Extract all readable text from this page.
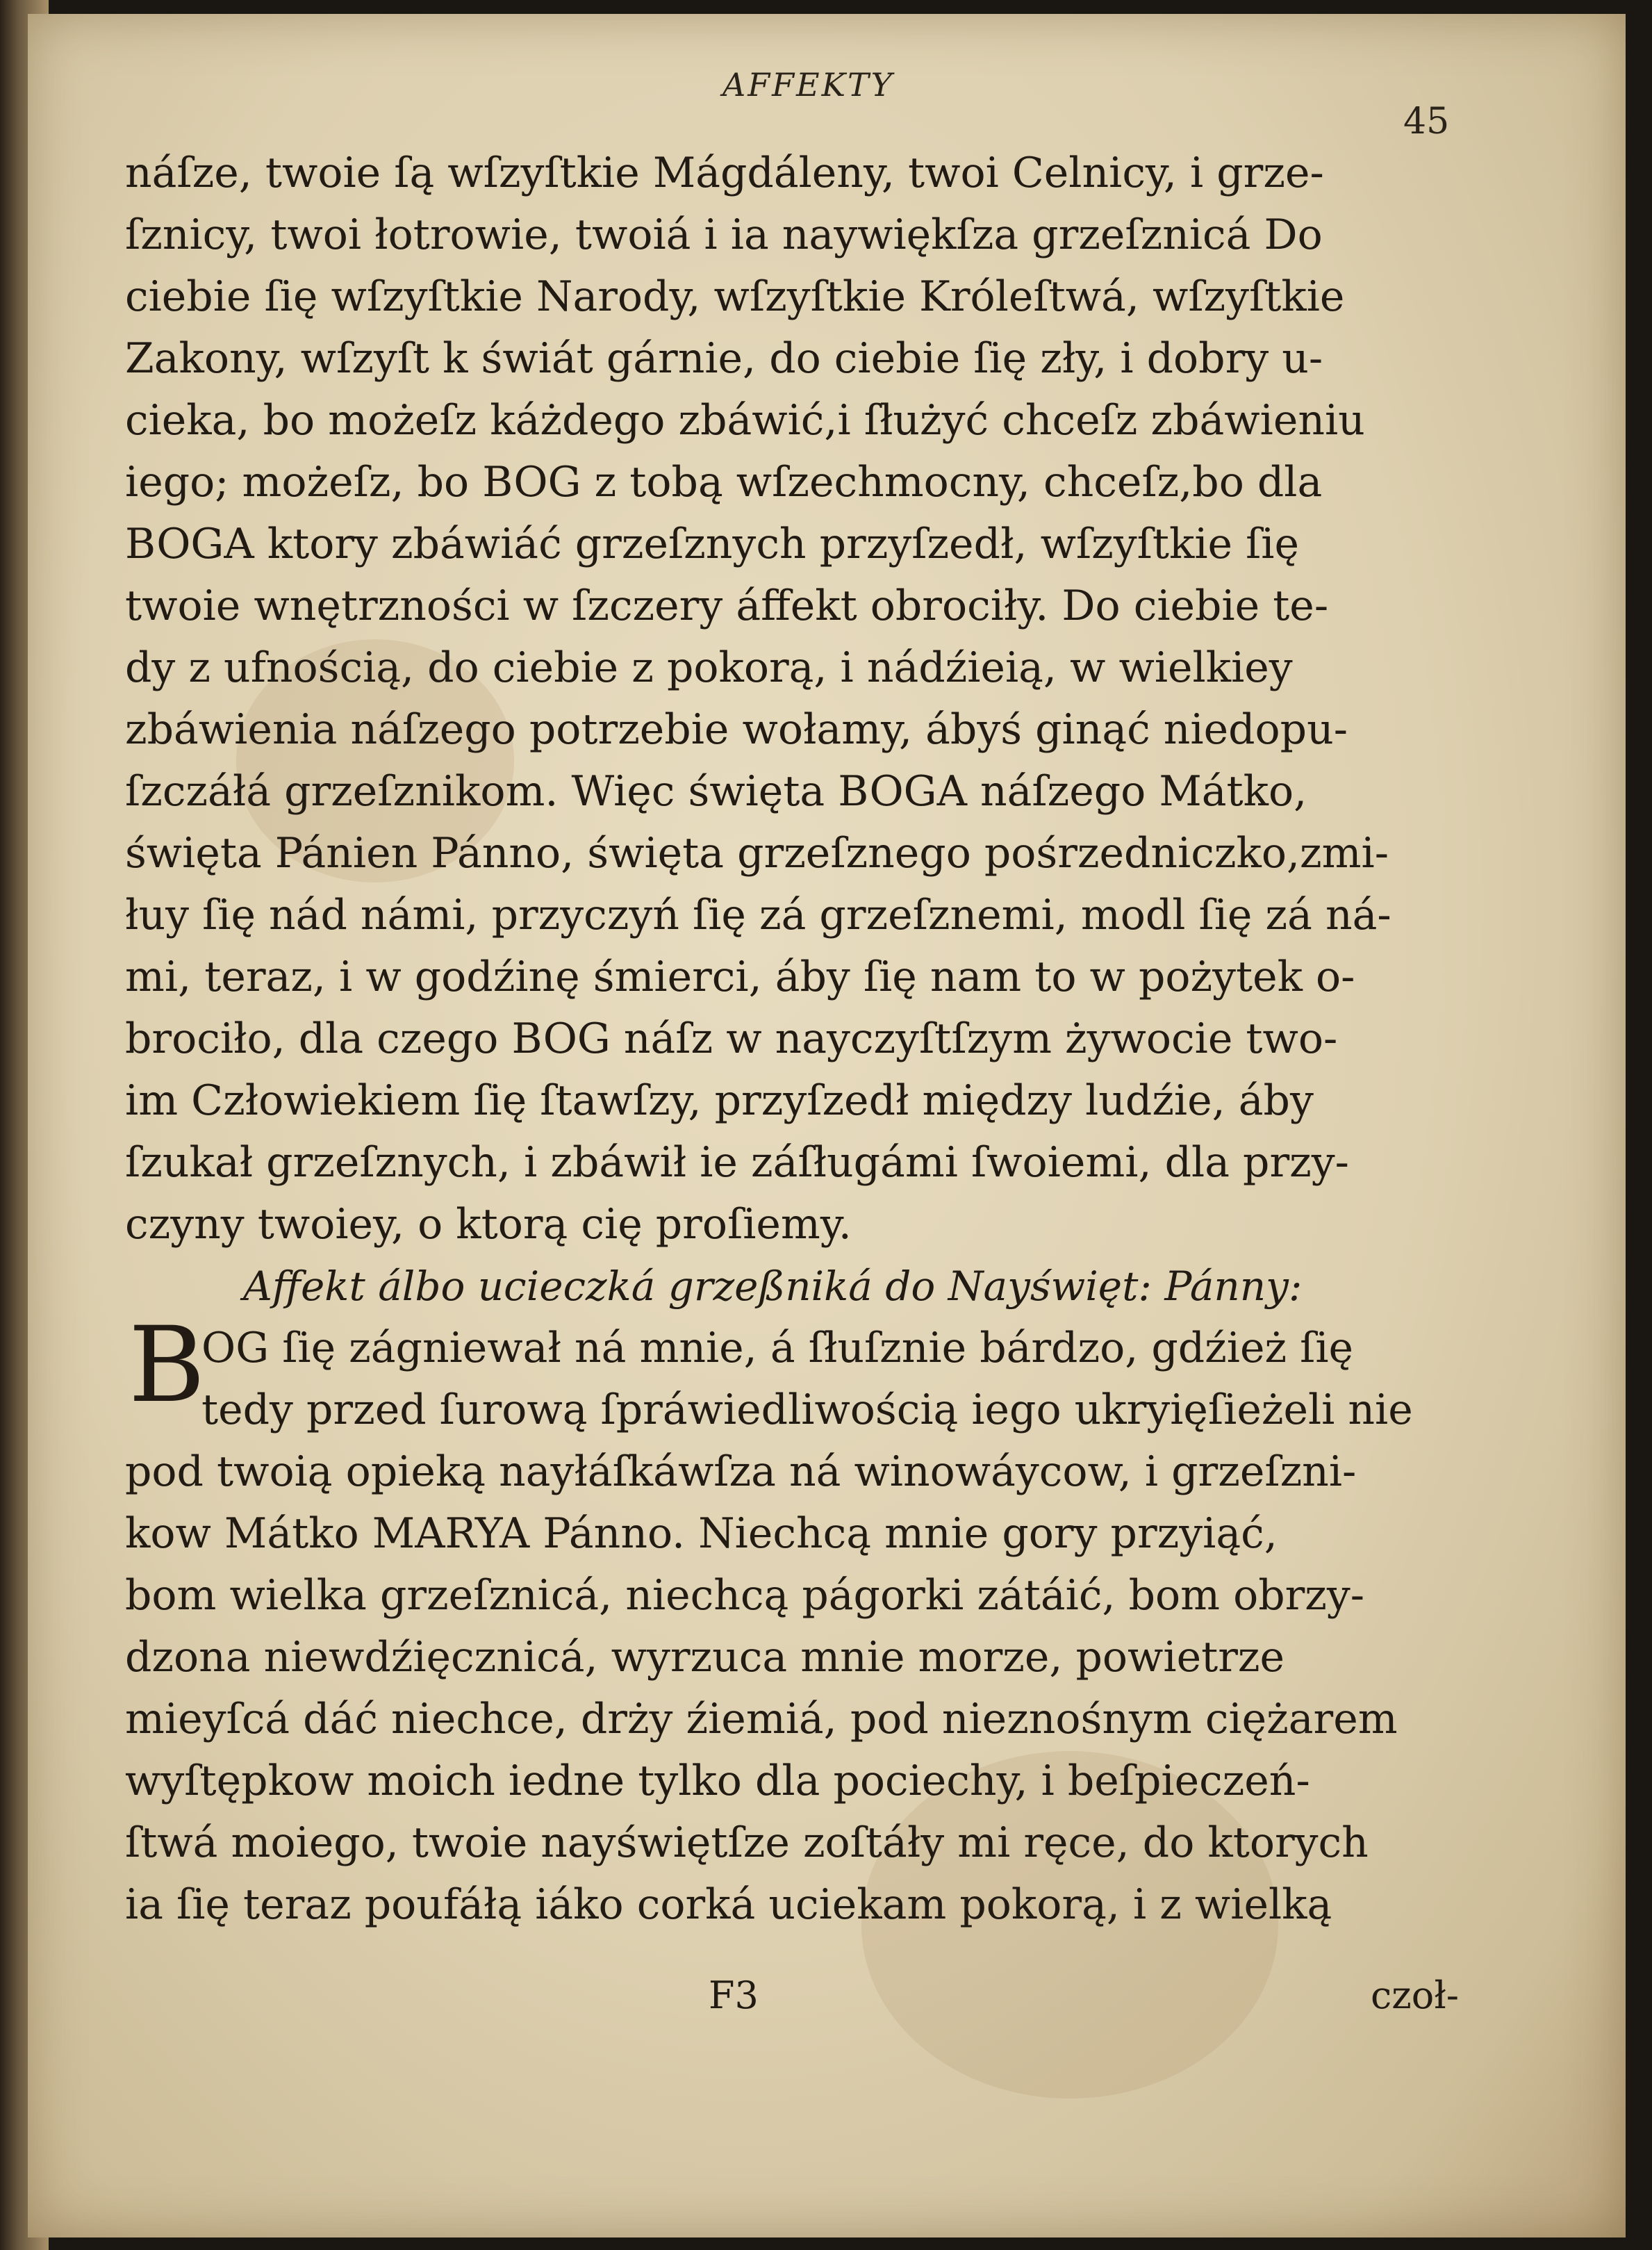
AFFEKTY
45
náſze, twoie ſą wſzyſtkie Mágdáleny, twoi Celnicy, i grze-
ſznicy, twoi łotrowie, twoiá i ia naywiękſza grzeſznicá Do
ciebie ſię wſzyſtkie Narody, wſzyſtkie Króleſtwá, wſzyſtkie
Zakony, wſzyſt k świát gárnie, do ciebie ſię zły, i dobry u-
cieka, bo możeſz káżdego zbáwić,i ſłużyć chceſz zbáwieniu
iego; możeſz, bo BOG z tobą wſzechmocny, chceſz,bo dla
BOGA ktory zbáwiáć grzeſznych przyſzedł, wſzyſtkie ſię
twoie wnętrzności w ſzczery áffekt obrociły. Do ciebie te-
dy z ufnością, do ciebie z pokorą, i nádźieią, w wielkiey
zbáwienia náſzego potrzebie wołamy, ábyś ginąć niedopu-
ſzczáłá grzeſznikom. Więc święta BOGA náſzego Mátko,
święta Pánien Pánno, święta grzeſznego pośrzedniczko,zmi-
łuy ſię nád námi, przyczyń ſię zá grzeſznemi, modl ſię zá ná-
mi, teraz, i w godźinę śmierci, áby ſię nam to w pożytek o-
brociło, dla czego BOG náſz w nayczyſtſzym żywocie two-
im Człowiekiem ſię ſtawſzy, przyſzedł między ludźie, áby
ſzukał grzeſznych, i zbáwił ie záſługámi ſwoiemi, dla przy-
czyny twoiey, o ktorą cię proſiemy.
Affekt álbo ucieczká grzeßniká do Nayświęt: Pánny:
OG ſię zágniewał ná mnie, á ſłuſznie bárdzo, gdźież ſię
tedy przed ſurową ſpráwiedliwością iego ukryięſieżeli nie
pod twoią opieką nayłáſkáwſza ná winowáycow, i grzeſzni-
kow Mátko MARYA Pánno. Niechcą mnie gory przyiąć,
bom wielka grzeſznicá, niechcą págorki zátáić, bom obrzy-
dzona niewdźięcznicá, wyrzuca mnie morze, powietrze
mieyſcá dáć niechce, drży źiemiá, pod nieznośnym ciężarem
wyſtępkow moich iedne tylko dla pociechy, i beſpieczeń-
ſtwá moiego, twoie nayświętſze zoſtáły mi ręce, do ktorych
ia ſię teraz poufáłą iáko corká uciekam pokorą, i z wielką
B
F3	czoł-
